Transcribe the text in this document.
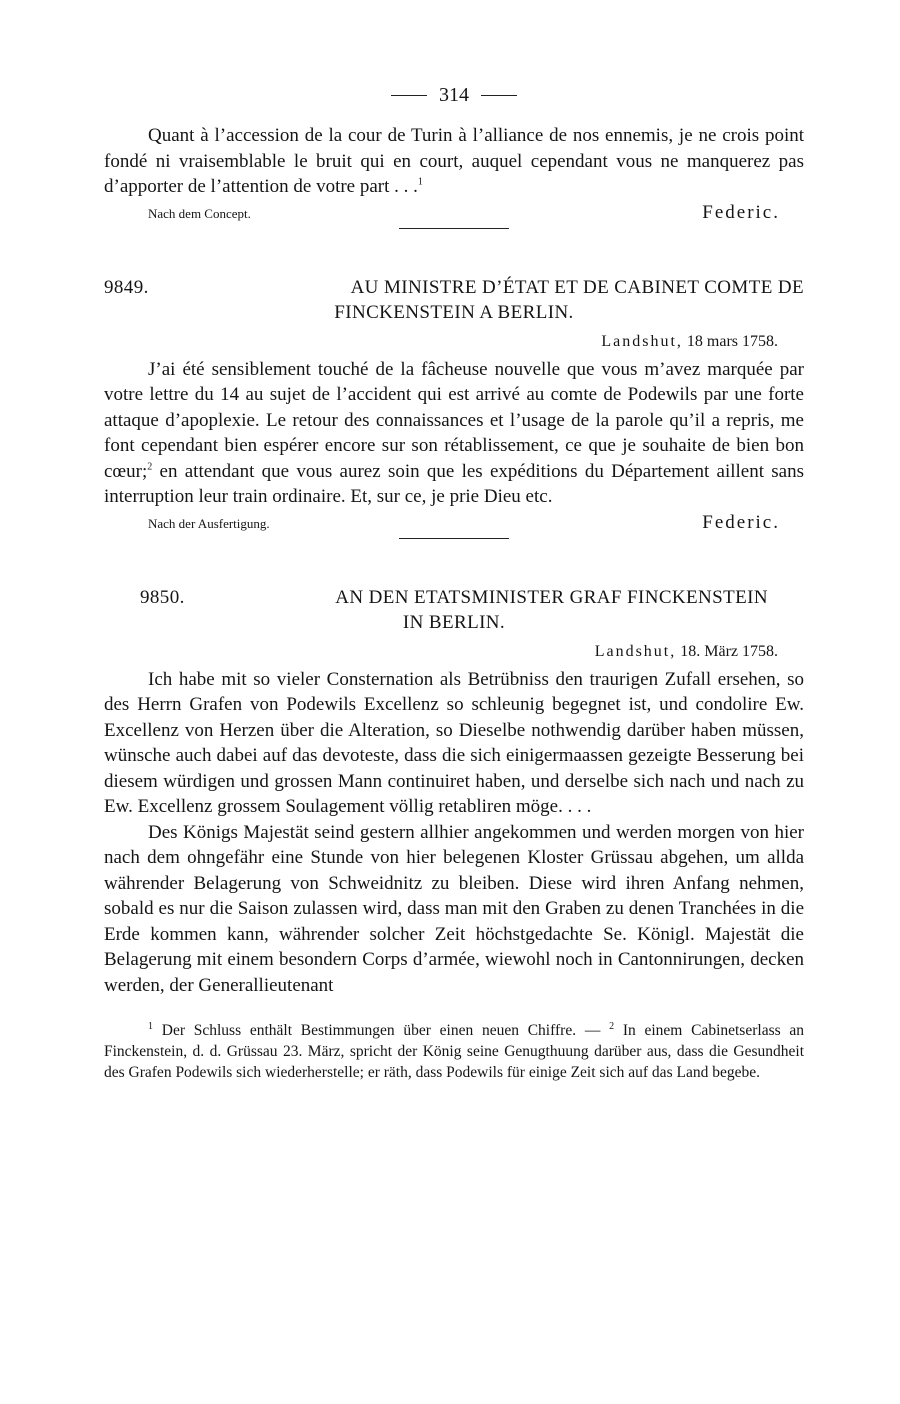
314

Quant à l’accession de la cour de Turin à l’alliance de nos ennemis, je ne crois point fondé ni vraisemblable le bruit qui en court, auquel cependant vous ne manquerez pas d’apporter de l’attention de votre part . . .$^1$

Nach dem Concept.	Federic.
9849.	AU MINISTRE D’ÉTAT ET DE CABINET COMTE DE
FINCKENSTEIN A BERLIN.
Landshut, 18 mars 1758.

J’ai été sensiblement touché de la fâcheuse nouvelle que vous m’avez marquée par votre lettre du 14 au sujet de l’accident qui est arrivé au comte de Podewils par une forte attaque d’apoplexie. Le retour des connaissances et l’usage de la parole qu’il a repris, me font cependant bien espérer encore sur son rétablissement, ce que je souhaite de bien bon cœur;$^2$ en attendant que vous aurez soin que les expéditions du Département aillent sans interruption leur train ordinaire. Et, sur ce, je prie Dieu etc.

Nach der Ausfertigung.	Federic.
9850.	AN DEN ETATSMINISTER GRAF FINCKENSTEIN
IN BERLIN.
Landshut, 18. März 1758.

Ich habe mit so vieler Consternation als Betrübniss den traurigen Zufall ersehen, so des Herrn Grafen von Podewils Excellenz so schleunig begegnet ist, und condolire Ew. Excellenz von Herzen über die Alteration, so Dieselbe nothwendig darüber haben müssen, wünsche auch dabei auf das devoteste, dass die sich einigermaassen gezeigte Besserung bei diesem würdigen und grossen Mann continuiret haben, und derselbe sich nach und nach zu Ew. Excellenz grossem Soulagement völlig retabliren möge. . . .

Des Königs Majestät seind gestern allhier angekommen und werden morgen von hier nach dem ohngefähr eine Stunde von hier belegenen Kloster Grüssau abgehen, um allda währender Belagerung von Schweidnitz zu bleiben. Diese wird ihren Anfang nehmen, sobald es nur die Saison zulassen wird, dass man mit den Graben zu denen Tranchées in die Erde kommen kann, währender solcher Zeit höchstgedachte Se. Königl. Majestät die Belagerung mit einem besondern Corps d’armée, wiewohl noch in Cantonnirungen, decken werden, der Generallieutenant

$^1$ Der Schluss enthält Bestimmungen über einen neuen Chiffre. — $^2$ In einem Cabinetserlass an Finckenstein, d. d. Grüssau 23. März, spricht der König seine Genugthuung darüber aus, dass die Gesundheit des Grafen Podewils sich wiederherstelle; er räth, dass Podewils für einige Zeit sich auf das Land begebe.
